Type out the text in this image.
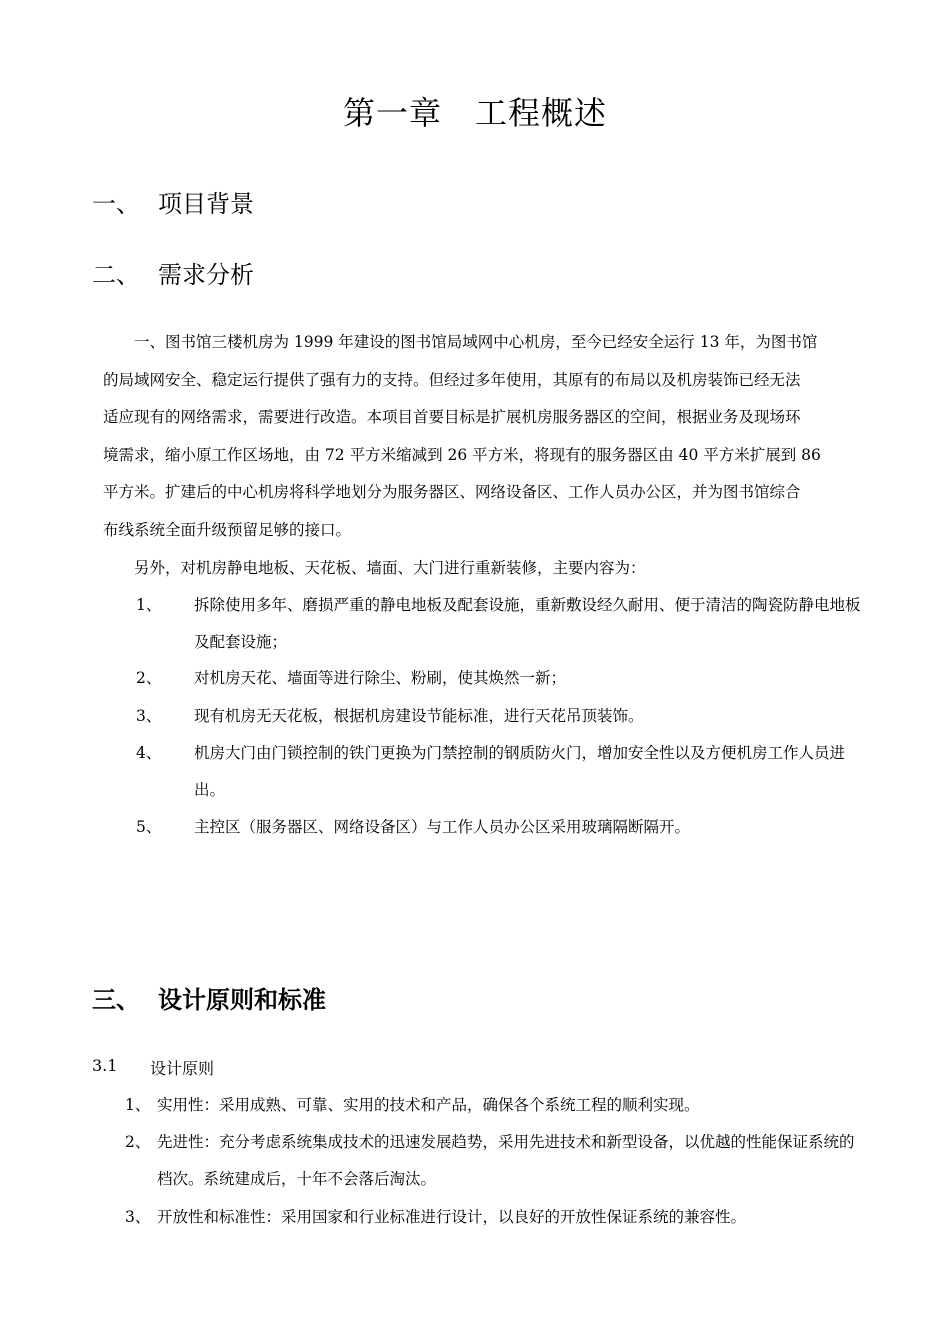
第一章　工程概述
一、 项目背景
二、 需求分析
一、图书馆三楼机房为 1999 年建设的图书馆局域网中心机房，至今已经安全运行 13 年，为图书馆
的局域网安全、稳定运行提供了强有力的支持。但经过多年使用，其原有的布局以及机房装饰已经无法
适应现有的网络需求，需要进行改造。本项目首要目标是扩展机房服务器区的空间，根据业务及现场环
境需求，缩小原工作区场地，由 72 平方米缩减到 26 平方米，将现有的服务器区由 40 平方米扩展到 86
平方米。扩建后的中心机房将科学地划分为服务器区、网络设备区、工作人员办公区，并为图书馆综合
布线系统全面升级预留足够的接口。
另外，对机房静电地板、天花板、墙面、大门进行重新装修，主要内容为：
1、	拆除使用多年、磨损严重的静电地板及配套设施，重新敷设经久耐用、便于清洁的陶瓷防静电地板及配套设施；
2、	对机房天花、墙面等进行除尘、粉刷，使其焕然一新；
3、	现有机房无天花板，根据机房建设节能标准，进行天花吊顶装饰。
4、	机房大门由门锁控制的铁门更换为门禁控制的钢质防火门，增加安全性以及方便机房工作人员进出。
5、	主控区（服务器区、网络设备区）与工作人员办公区采用玻璃隔断隔开。
三、 设计原则和标准
3.1	设计原则
1、 实用性：采用成熟、可靠、实用的技术和产品，确保各个系统工程的顺利实现。
2、 先进性：充分考虑系统集成技术的迅速发展趋势，采用先进技术和新型设备，以优越的性能保证系统的档次。系统建成后，十年不会落后淘汰。
3、 开放性和标准性：采用国家和行业标准进行设计，以良好的开放性保证系统的兼容性。
